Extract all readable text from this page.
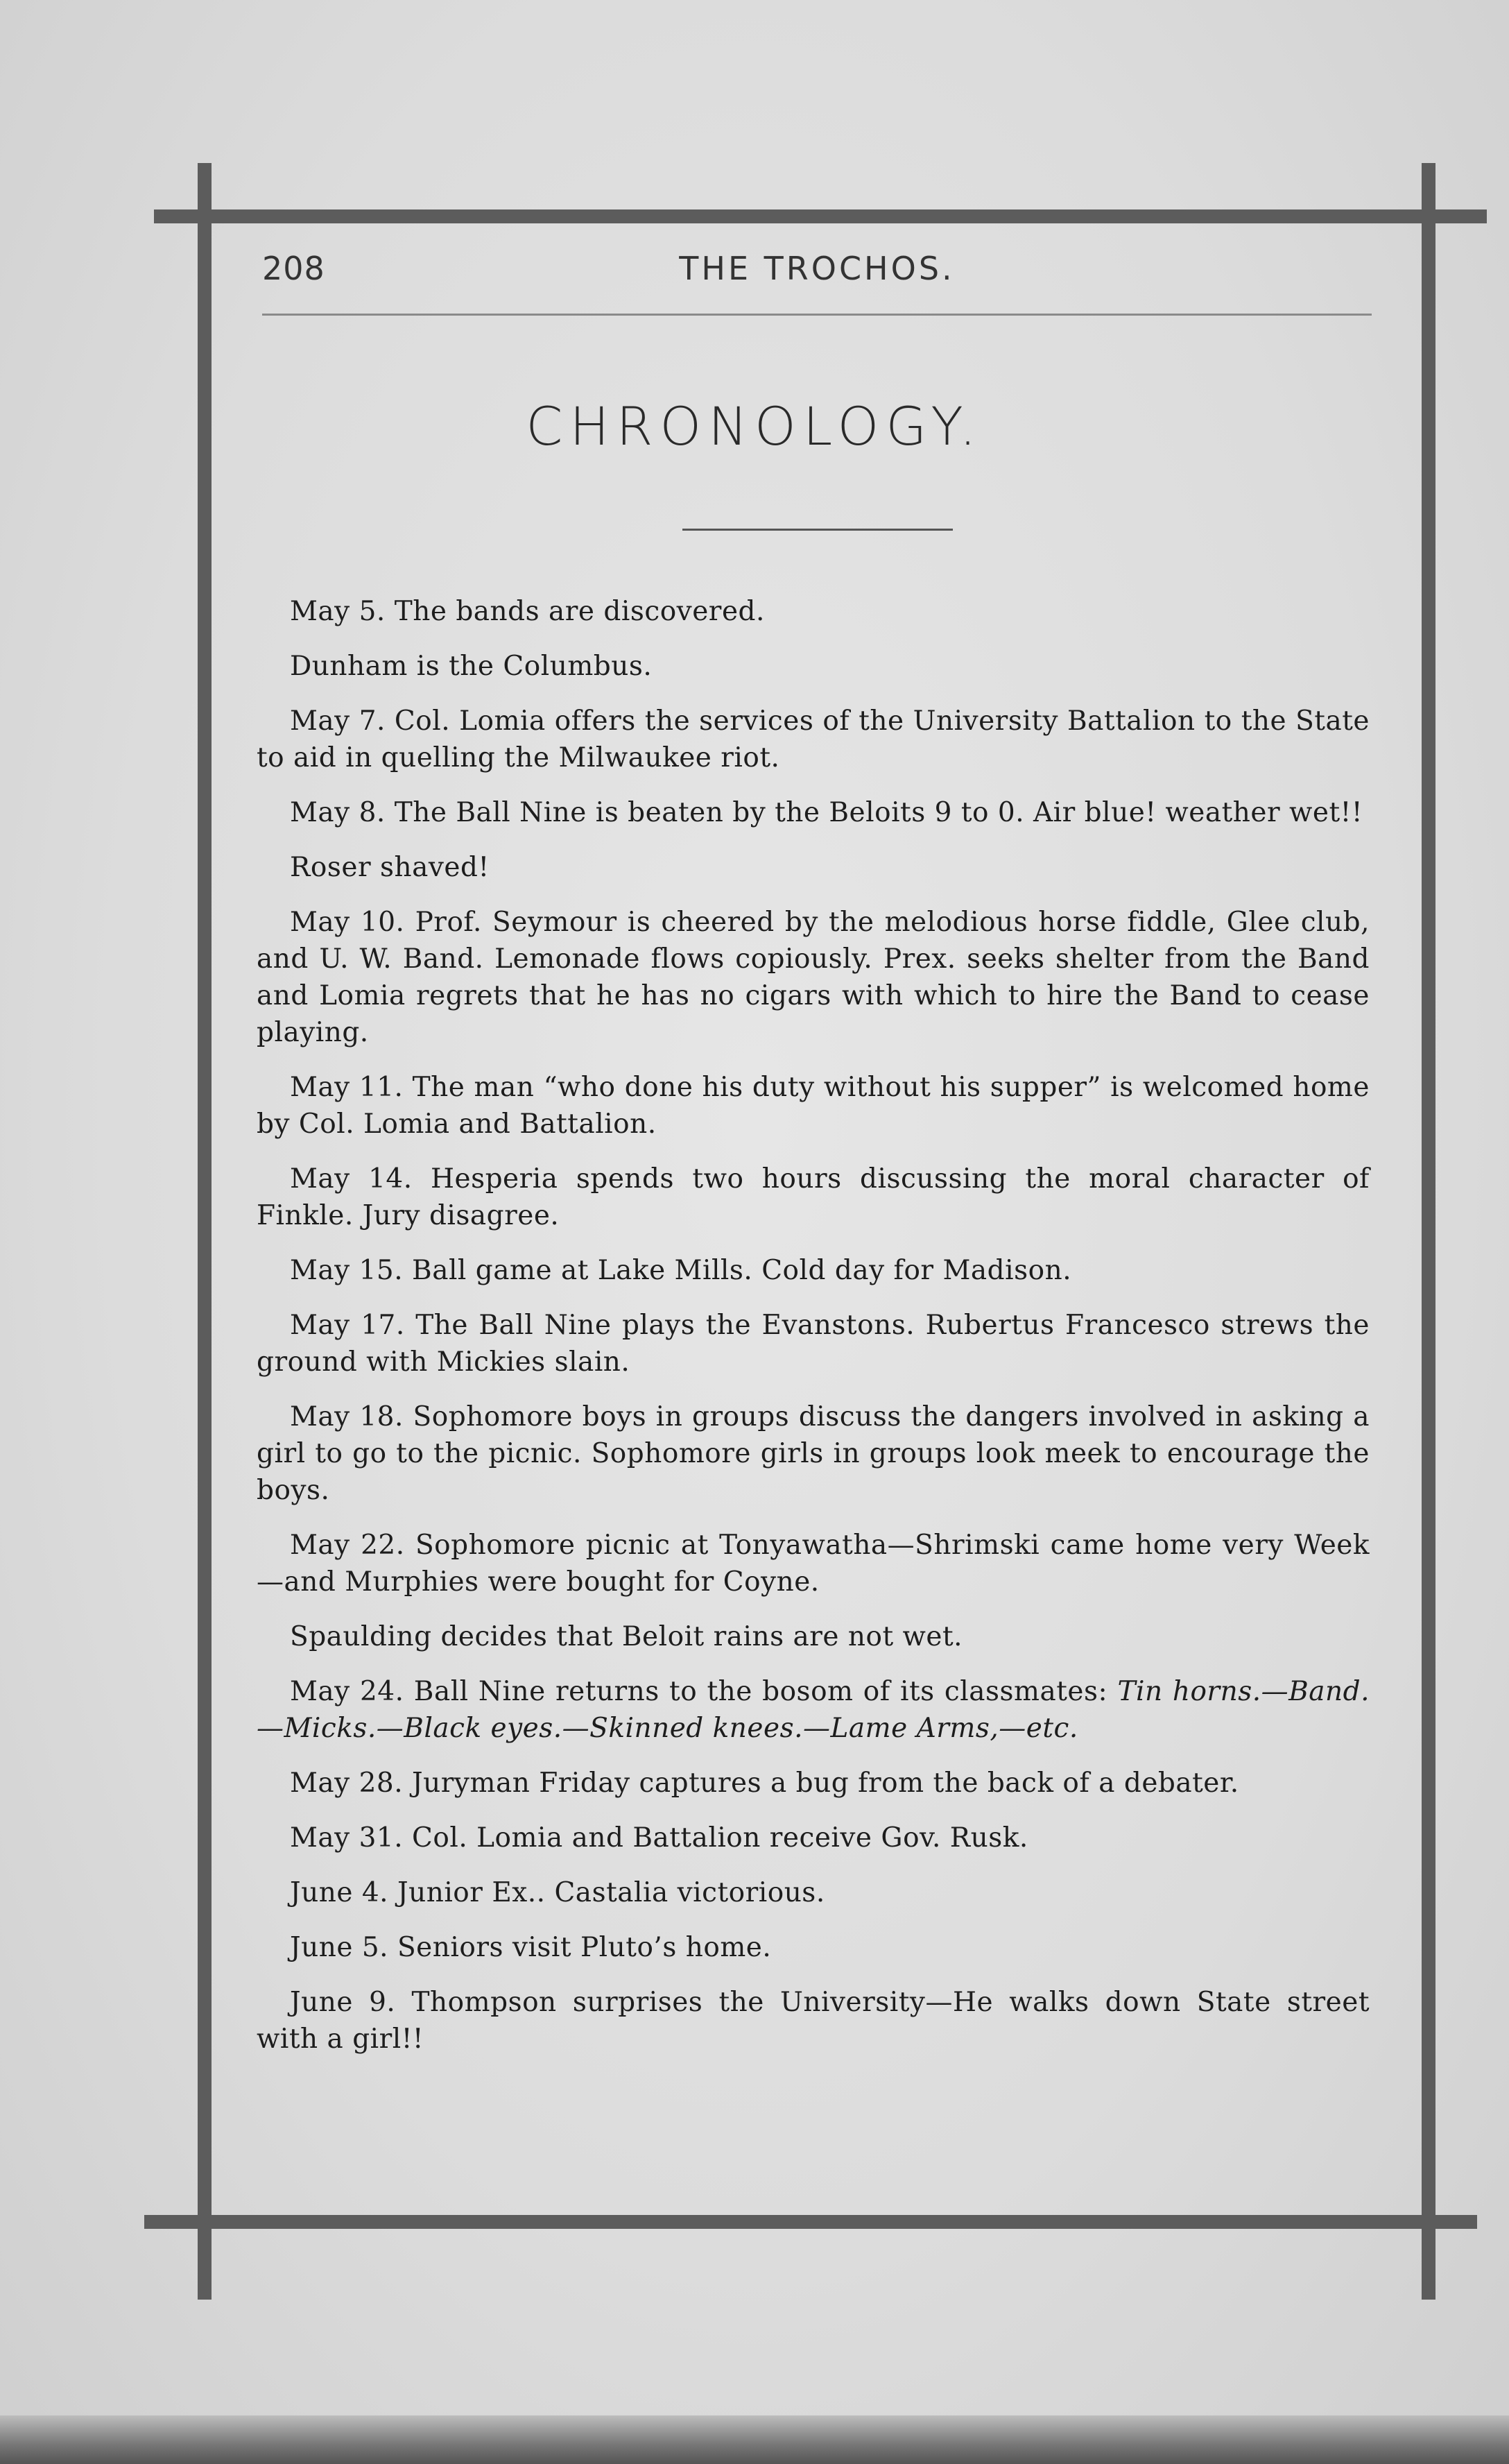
208	THE TROCHOS.
CHRONOLOGY.

May 5. The bands are discovered.

Dunham is the Columbus.

May 7. Col. Lomia offers the services of the University Battalion to the State to aid in quelling the Milwaukee riot.

May 8. The Ball Nine is beaten by the Beloits 9 to 0. Air blue! weather wet!!

Roser shaved!

May 10. Prof. Seymour is cheered by the melodious horse fiddle, Glee club, and U. W. Band. Lemonade flows copiously. Prex. seeks shelter from the Band and Lomia regrets that he has no cigars with which to hire the Band to cease playing.

May 11. The man “who done his duty without his supper” is welcomed home by Col. Lomia and Battalion.

May 14. Hesperia spends two hours discussing the moral character of Finkle. Jury disagree.

May 15. Ball game at Lake Mills. Cold day for Madison.

May 17. The Ball Nine plays the Evanstons. Rubertus Francesco strews the ground with Mickies slain.

May 18. Sophomore boys in groups discuss the dangers involved in asking a girl to go to the picnic. Sophomore girls in groups look meek to encourage the boys.

May 22. Sophomore picnic at Tonyawatha—Shrimski came home very Week—and Murphies were bought for Coyne.

Spaulding decides that Beloit rains are not wet.

May 24. Ball Nine returns to the bosom of its classmates: Tin horns.—Band.—Micks.—Black eyes.—Skinned knees.—Lame Arms,—etc.

May 28. Juryman Friday captures a bug from the back of a debater.

May 31. Col. Lomia and Battalion receive Gov. Rusk.

June 4. Junior Ex.. Castalia victorious.

June 5. Seniors visit Pluto’s home.

June 9. Thompson surprises the University—He walks down State street with a girl!!
